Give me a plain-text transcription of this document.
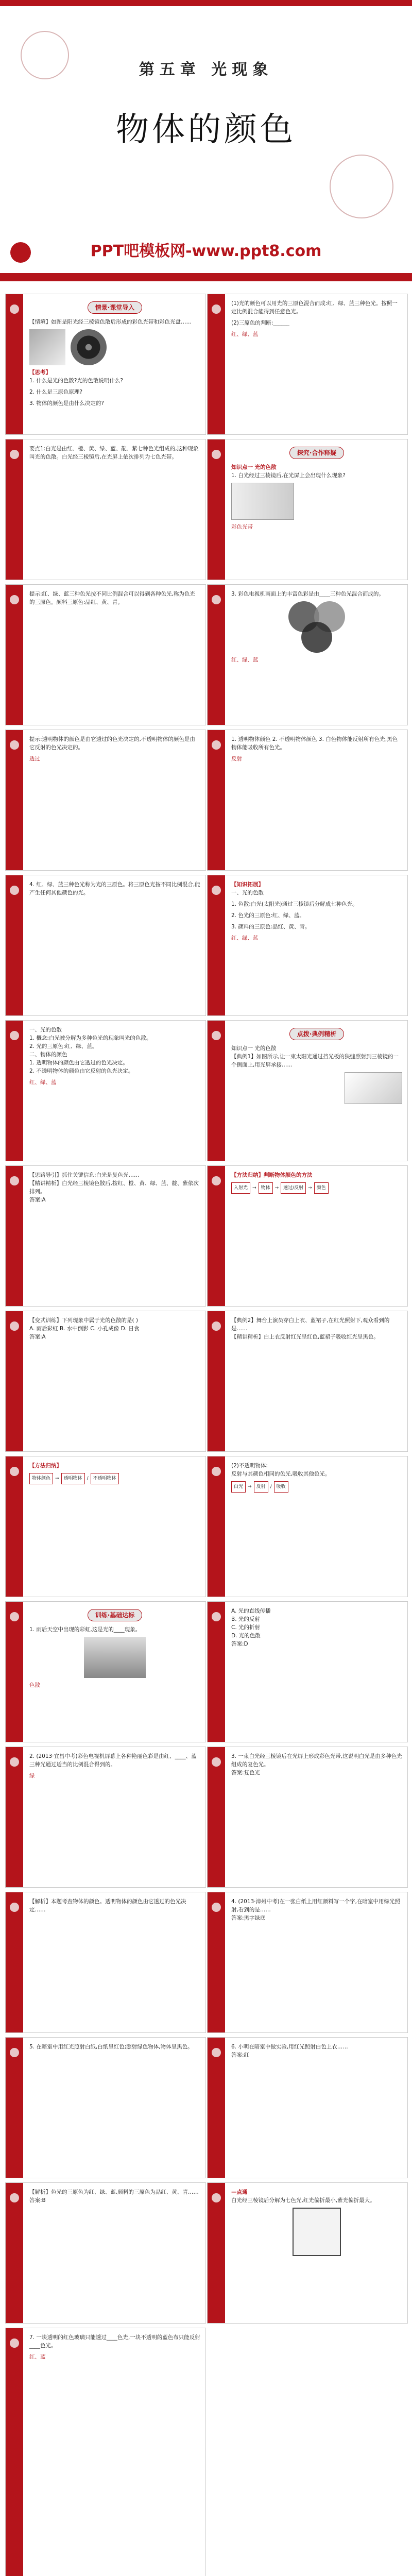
第五章 光现象
物体的颜色
PPT吧模板网-www.ppt8.com
情景·课堂导入
【情境】如图是阳光经三棱镜色散后形成的彩色光带和彩色光盘……
【思考】
1. 什么是光的色散?光的色散说明什么?
2. 什么是三原色原理?
3. 物体的颜色是由什么决定的?
(1)光的颜色可以用光的三原色混合而成:红、绿、蓝三种色光。按照一定比例混合能得到任意色光。
(2)三原色的判断:______
红、绿、蓝
要点1:白光是由红、橙、黄、绿、蓝、靛、紫七种色光组成的,这种现象叫光的色散。白光经三棱镜后,在光屏上依次排列为七色光带。
探究·合作释疑
知识点一 光的色散
1. 白光经过三棱镜后,在光屏上会出现什么现象?
彩色光带
提示:红、绿、蓝三种色光按不同比例混合可以得到各种色光,称为色光的三原色。颜料三原色:品红、黄、青。
3. 彩色电视机画面上的丰富色彩是由____三种色光混合而成的。
红、绿、蓝
提示:透明物体的颜色是由它透过的色光决定的,不透明物体的颜色是由它反射的色光决定的。
透过
1. 透明物体颜色 2. 不透明物体颜色 3. 白色物体能反射所有色光,黑色物体能吸收所有色光。
反射
4. 红、绿、蓝三种色光称为光的三原色。将三原色光按不同比例混合,能产生任何其他颜色的光。
【知识拓展】
一、光的色散
1. 色散:白光(太阳光)通过三棱镜后分解成七种色光。
2. 色光的三原色:红、绿、蓝。
3. 颜料的三原色:品红、黄、青。
红、绿、蓝
一、光的色散
1. 概念:白光被分解为多种色光的现象叫光的色散。
2. 光的三原色:红、绿、蓝。
二、物体的颜色
1. 透明物体的颜色由它透过的色光决定。
2. 不透明物体的颜色由它反射的色光决定。
红、绿、蓝
点拨·典例精析
知识点一 光的色散
【典例1】如图所示,让一束太阳光通过挡光板的狭缝照射到三棱镜的一个侧面上,用光屏承接……
【思路导引】抓住关键信息:白光是复色光……
【精讲精析】白光经三棱镜色散后,按红、橙、黄、绿、蓝、靛、紫依次排列。
答案:A
【方法归纳】判断物体颜色的方法
入射光	→	物体	→	透过/反射	→	颜色
【变式训练】下列现象中属于光的色散的是( )
A. 雨后彩虹 B. 水中倒影 C. 小孔成像 D. 日食
答案:A
【典例2】舞台上演员穿白上衣、蓝裙子,在红光照射下,观众看到的是……
【精讲精析】白上衣反射红光呈红色,蓝裙子吸收红光呈黑色。
【方法归纳】
物体颜色	→	透明物体	/	不透明物体
(2)不透明物体:
反射与其颜色相同的色光,吸收其他色光。
白光	→	反射	/	吸收
训练·基础达标
1. 雨后天空中出现的彩虹,这是光的____现象。
色散
A. 光的直线传播
B. 光的反射
C. 光的折射
D. 光的色散
答案:D
2. (2013·宜昌中考)彩色电视机屏幕上各种艳丽色彩是由红、____、蓝三种光通过适当的比例混合得到的。
绿
3. 一束白光经三棱镜后在光屏上形成彩色光带,这说明白光是由多种色光组成的复色光。
答案:复色光
【解析】本题考查物体的颜色。透明物体的颜色由它透过的色光决定……
4. (2013·漳州中考)在一张白纸上用红颜料写一个字,在暗室中用绿光照射,看到的是……
答案:黑字绿底
5. 在暗室中用红光照射白纸,白纸呈红色;照射绿色物体,物体呈黑色。	6. 小明在暗室中做实验,用红光照射白色上衣……
答案:红
【解析】色光的三原色为红、绿、蓝,颜料的三原色为品红、黄、青……
答案:B
—点通
白光经三棱镜后分解为七色光,红光偏折最小,紫光偏折最大。
7. 一块透明的红色玻璃只能透过____色光,一块不透明的蓝色布只能反射____色光。
红、蓝
